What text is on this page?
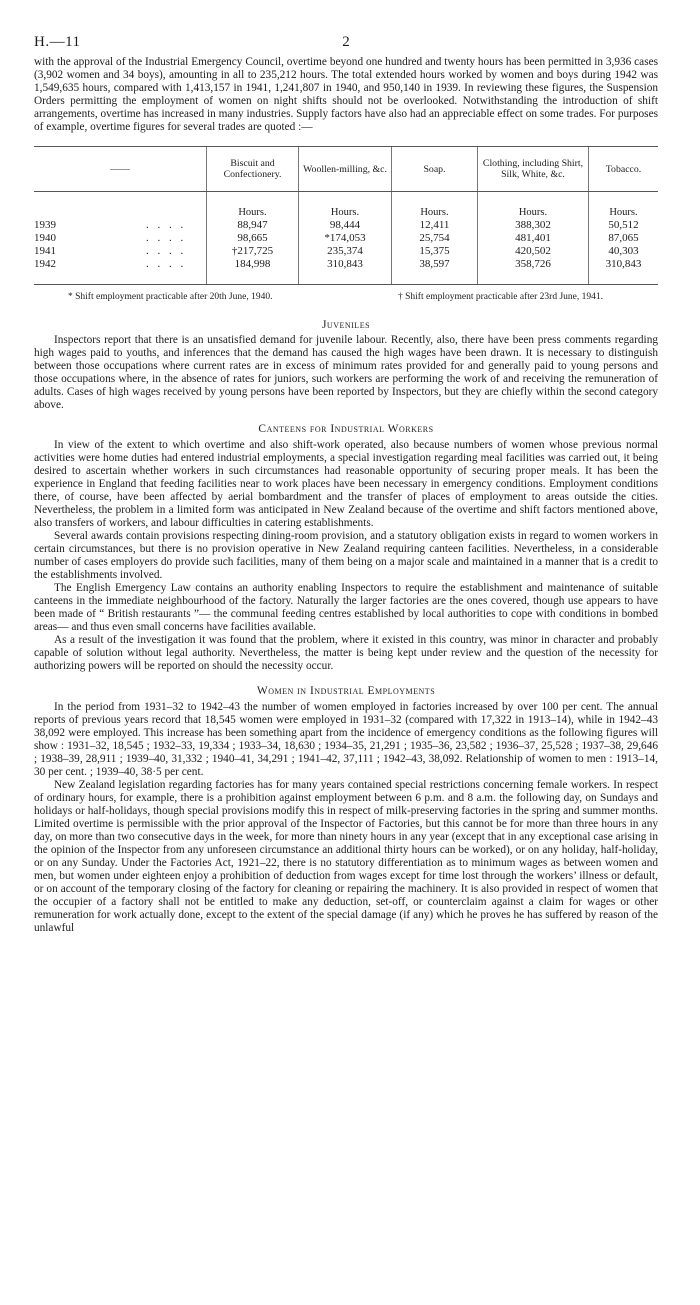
H.—11	2

with the approval of the Industrial Emergency Council, overtime beyond one hundred and twenty hours has been permitted in 3,936 cases (3,902 women and 34 boys), amounting in all to 235,212 hours. The total extended hours worked by women and boys during 1942 was 1,549,635 hours, compared with 1,413,157 in 1941, 1,241,807 in 1940, and 950,140 in 1939. In reviewing these figures, the Suspension Orders permitting the employment of women on night shifts should not be overlooked. Notwithstanding the introduction of shift arrangements, overtime has increased in many industries. Supply factors have also had an appreciable effect on some trades. For purposes of example, overtime figures for several trades are quoted :—

——	Biscuit and Confectionery.	Woollen-milling, &c.	Soap.	Clothing, including Shirt, Silk, White, &c.	Tobacco.
	Hours.	Hours.	Hours.	Hours.	Hours.
1939 . . . .	88,947	98,444	12,411	388,302	50,512
1940 . . . .	98,665	*174,053	25,754	481,401	87,065
1941 . . . .	†217,725	235,374	15,375	420,502	40,303
1942 . . . .	184,998	310,843	38,597	358,726	310,843
* Shift employment practicable after 20th June, 1940.	† Shift employment practicable after 23rd June, 1941.
Juveniles

Inspectors report that there is an unsatisfied demand for juvenile labour. Recently, also, there have been press comments regarding high wages paid to youths, and inferences that the demand has caused the high wages have been drawn. It is necessary to distinguish between those occupations where current rates are in excess of minimum rates provided for and generally paid to young persons and those occupations where, in the absence of rates for juniors, such workers are performing the work of and receiving the remuneration of adults. Cases of high wages received by young persons have been reported by Inspectors, but they are chiefly within the second category above.

Canteens for Industrial Workers

In view of the extent to which overtime and also shift-work operated, also because numbers of women whose previous normal activities were home duties had entered industrial employments, a special investigation regarding meal facilities was carried out, it being desired to ascertain whether workers in such circumstances had reasonable opportunity of securing proper meals. It has been the experience in England that feeding facilities near to work places have been necessary in emergency conditions. Employment conditions there, of course, have been affected by aerial bombardment and the transfer of places of employment to areas outside the cities. Nevertheless, the problem in a limited form was anticipated in New Zealand because of the overtime and shift factors mentioned above, also transfers of workers, and labour difficulties in catering establishments.

Several awards contain provisions respecting dining-room provision, and a statutory obligation exists in regard to women workers in certain circumstances, but there is no provision operative in New Zealand requiring canteen facilities. Nevertheless, in a considerable number of cases employers do provide such facilities, many of them being on a major scale and maintained in a manner that is a credit to the establishments involved.

The English Emergency Law contains an authority enabling Inspectors to require the establishment and maintenance of suitable canteens in the immediate neighbourhood of the factory. Naturally the larger factories are the ones covered, though use appears to have been made of “ British restaurants ”— the communal feeding centres established by local authorities to cope with conditions in bombed areas— and thus even small concerns have facilities available.

As a result of the investigation it was found that the problem, where it existed in this country, was minor in character and probably capable of solution without legal authority. Nevertheless, the matter is being kept under review and the question of the necessity for authorizing powers will be reported on should the necessity occur.

Women in Industrial Employments

In the period from 1931–32 to 1942–43 the number of women employed in factories increased by over 100 per cent. The annual reports of previous years record that 18,545 women were employed in 1931–32 (compared with 17,322 in 1913–14), while in 1942–43 38,092 were employed. This increase has been something apart from the incidence of emergency conditions as the following figures will show : 1931–32, 18,545 ; 1932–33, 19,334 ; 1933–34, 18,630 ; 1934–35, 21,291 ; 1935–36, 23,582 ; 1936–37, 25,528 ; 1937–38, 29,646 ; 1938–39, 28,911 ; 1939–40, 31,332 ; 1940–41, 34,291 ; 1941–42, 37,111 ; 1942–43, 38,092. Relationship of women to men : 1913–14, 30 per cent. ; 1939–40, 38·5 per cent.

New Zealand legislation regarding factories has for many years contained special restrictions concerning female workers. In respect of ordinary hours, for example, there is a prohibition against employment between 6 p.m. and 8 a.m. the following day, on Sundays and holidays or half-holidays, though special provisions modify this in respect of milk-preserving factories in the spring and summer months. Limited overtime is permissible with the prior approval of the Inspector of Factories, but this cannot be for more than three hours in any day, on more than two consecutive days in the week, for more than ninety hours in any year (except that in any exceptional case arising in the opinion of the Inspector from any unforeseen circumstance an additional thirty hours can be worked), or on any holiday, half-holiday, or on any Sunday. Under the Factories Act, 1921–22, there is no statutory differentiation as to minimum wages as between women and men, but women under eighteen enjoy a prohibition of deduction from wages except for time lost through the workers’ illness or default, or on account of the temporary closing of the factory for cleaning or repairing the machinery. It is also provided in respect of women that the occupier of a factory shall not be entitled to make any deduction, set-off, or counterclaim against a claim for wages or other remuneration for work actually done, except to the extent of the special damage (if any) which he proves he has suffered by reason of the unlawful
